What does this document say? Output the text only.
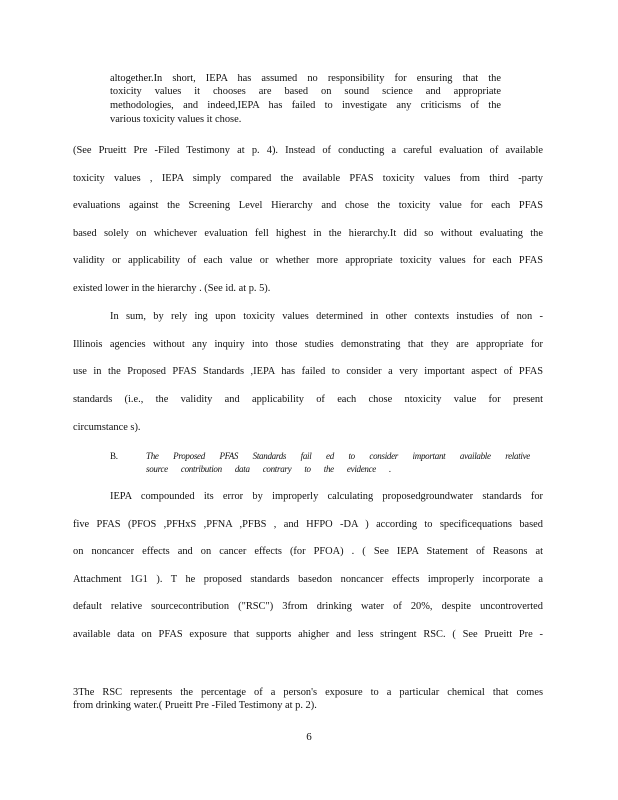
altogether.In short, IEPA has assumed no responsibility for ensuring that the
toxicity values it chooses are based on sound science and appropriate
methodologies, and indeed,IEPA has failed to investigate any criticisms of the
various toxicity values it chose.
(See Prueitt Pre -Filed Testimony at p. 4). Instead of conducting a careful evaluation of available
toxicity values , IEPA simply compared the available PFAS toxicity values from third -party
evaluations against the Screening Level Hierarchy and chose the toxicity value for each PFAS
based solely on whichever evaluation fell highest in the hierarchy.It did so without evaluating the
validity or applicability of each value or whether more appropriate toxicity values for each PFAS
existed lower in the hierarchy . (See id. at p. 5).
In sum, by rely ing upon toxicity values determined in other contexts instudies of non -
Illinois agencies without any inquiry into those studies demonstrating that they are appropriate for
use in the Proposed PFAS Standards ,IEPA has failed to consider a very important aspect of PFAS
standards (i.e., the validity and applicability of each chose ntoxicity value for present
circumstance s).
B.	The Proposed PFAS Standards fail ed to consider important available relative
source contribution data contrary to the evidence .
IEPA compounded its error by improperly calculating proposedgroundwater standards for
five PFAS (PFOS ,PFHxS ,PFNA ,PFBS , and HFPO -DA ) according to specificequations based
on noncancer effects and on cancer effects (for PFOA) . ( See IEPA Statement of Reasons at
Attachment 1G1 ). T he proposed standards basedon noncancer effects improperly incorporate a
default relative sourcecontribution ("RSC") 3from drinking water of 20%, despite uncontroverted
available data on PFAS exposure that supports ahigher and less stringent RSC. ( See Prueitt Pre -
3The RSC represents the percentage of a person's exposure to a particular chemical that comes
from drinking water.( Prueitt Pre -Filed Testimony at p. 2).
6
